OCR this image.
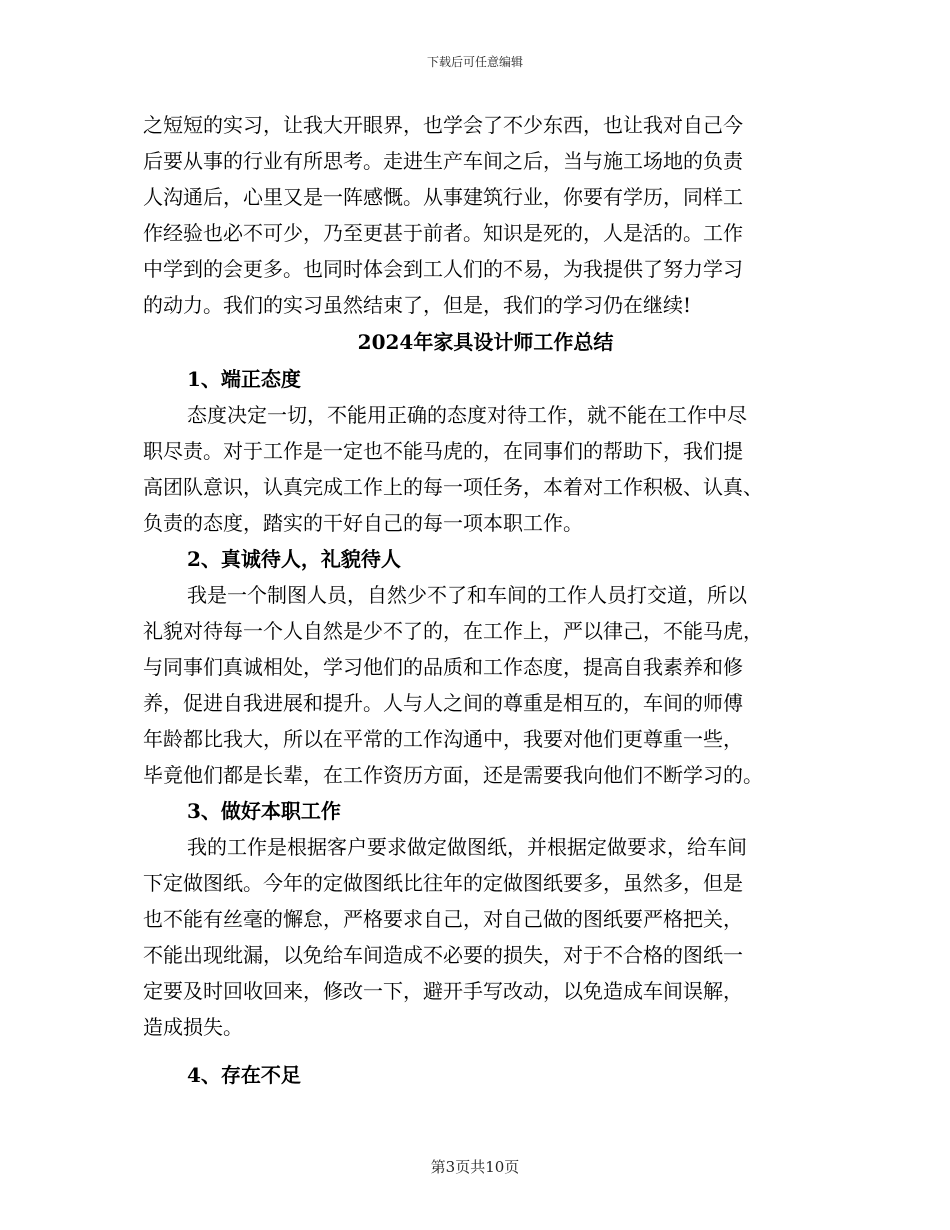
下载后可任意编辑
之短短的实习，让我大开眼界，也学会了不少东西，也让我对自己今
后要从事的行业有所思考。走进生产车间之后，当与施工场地的负责
人沟通后，心里又是一阵感慨。从事建筑行业，你要有学历，同样工
作经验也必不可少，乃至更甚于前者。知识是死的，人是活的。工作
中学到的会更多。也同时体会到工人们的不易，为我提供了努力学习
的动力。我们的实习虽然结束了，但是，我们的学习仍在继续!
2024年家具设计师工作总结
1、端正态度
态度决定一切，不能用正确的态度对待工作，就不能在工作中尽
职尽责。对于工作是一定也不能马虎的，在同事们的帮助下，我们提
高团队意识，认真完成工作上的每一项任务，本着对工作积极、认真、
负责的态度，踏实的干好自己的每一项本职工作。
2、真诚待人，礼貌待人
我是一个制图人员，自然少不了和车间的工作人员打交道，所以
礼貌对待每一个人自然是少不了的，在工作上，严以律己，不能马虎，
与同事们真诚相处，学习他们的品质和工作态度，提高自我素养和修
养，促进自我进展和提升。人与人之间的尊重是相互的，车间的师傅
年龄都比我大，所以在平常的工作沟通中，我要对他们更尊重一些，
毕竟他们都是长辈，在工作资历方面，还是需要我向他们不断学习的。
3、做好本职工作
我的工作是根据客户要求做定做图纸，并根据定做要求，给车间
下定做图纸。今年的定做图纸比往年的定做图纸要多，虽然多，但是
也不能有丝毫的懈怠，严格要求自己，对自己做的图纸要严格把关，
不能出现纰漏，以免给车间造成不必要的损失，对于不合格的图纸一
定要及时回收回来，修改一下，避开手写改动，以免造成车间误解，
造成损失。
4、存在不足
第3页共10页
